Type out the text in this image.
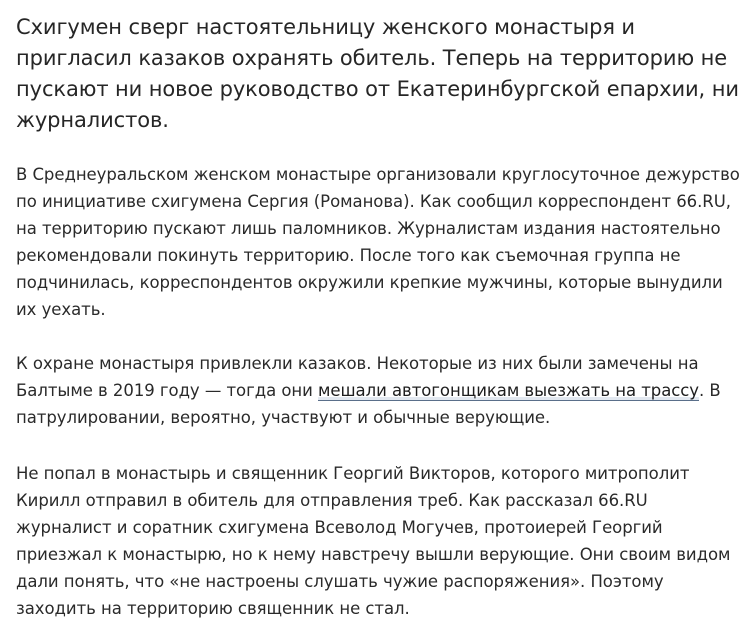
Схигумен сверг настоятельницу женского монастыря и пригласил казаков охранять обитель. Теперь на территорию не пускают ни новое руководство от Екатеринбургской епархии, ни журналистов.

В Среднеуральском женском монастыре организовали круглосуточное дежурство по инициативе схигумена Сергия (Романова). Как сообщил корреспондент 66.RU, на территорию пускают лишь паломников. Журналистам издания настоятельно рекомендовали покинуть территорию. После того как съемочная группа не подчинилась, корреспондентов окружили крепкие мужчины, которые вынудили их уехать.

К охране монастыря привлекли казаков. Некоторые из них были замечены на Балтыме в 2019 году — тогда они мешали автогонщикам выезжать на трассу. В патрулировании, вероятно, участвуют и обычные верующие.

Не попал в монастырь и священник Георгий Викторов, которого митрополит Кирилл отправил в обитель для отправления треб. Как рассказал 66.RU журналист и соратник схигумена Всеволод Могучев, протоиерей Георгий приезжал к монастырю, но к нему навстречу вышли верующие. Они своим видом дали понять, что «не настроены слушать чужие распоряжения». Поэтому заходить на территорию священник не стал.
